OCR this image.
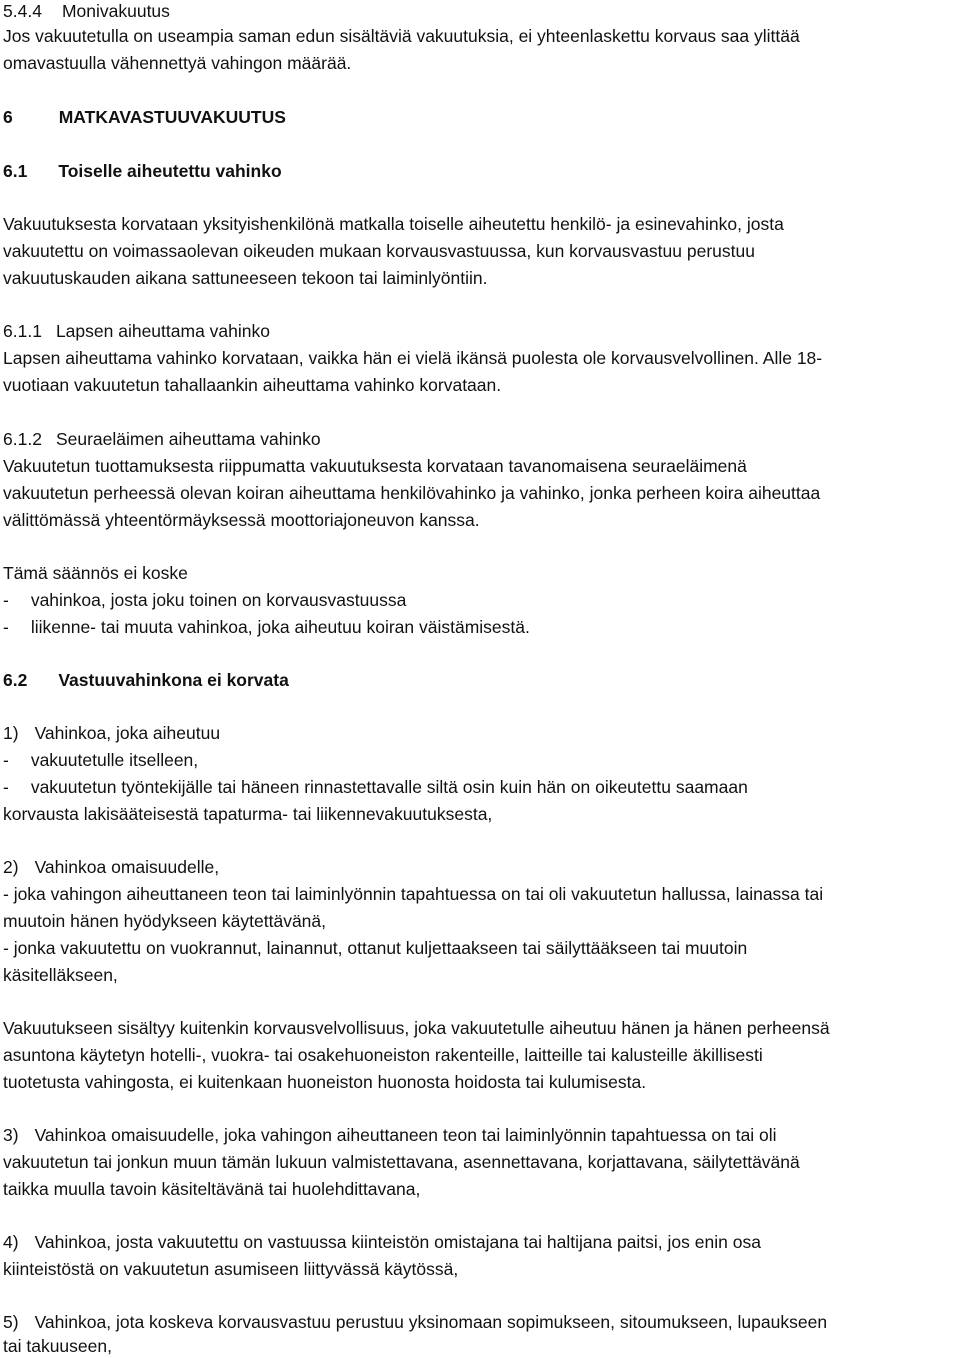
5.4.4 Monivakuutus
Jos vakuutetulla on useampia saman edun sisältäviä vakuutuksia, ei yhteenlaskettu korvaus saa ylittää
omavastuulla vähennettyä vahingon määrää.
6	MATKAVASTUUVAKUUTUS
6.1 Toiselle aiheutettu vahinko
Vakuutuksesta korvataan yksityishenkilönä matkalla toiselle aiheutettu henkilö- ja esinevahinko, josta
vakuutettu on voimassaolevan oikeuden mukaan korvausvastuussa, kun korvausvastuu perustuu
vakuutuskauden aikana sattuneeseen tekoon tai laiminlyöntiin.
6.1.1 Lapsen aiheuttama vahinko
Lapsen aiheuttama vahinko korvataan, vaikka hän ei vielä ikänsä puolesta ole korvausvelvollinen. Alle 18-
vuotiaan vakuutetun tahallaankin aiheuttama vahinko korvataan.
6.1.2 Seuraeläimen aiheuttama vahinko
Vakuutetun tuottamuksesta riippumatta vakuutuksesta korvataan tavanomaisena seuraeläimenä
vakuutetun perheessä olevan koiran aiheuttama henkilövahinko ja vahinko, jonka perheen koira aiheuttaa
välittömässä yhteentörmäyksessä moottoriajoneuvon kanssa.
Tämä säännös ei koske
- vahinkoa, josta joku toinen on korvausvastuussa
- liikenne- tai muuta vahinkoa, joka aiheutuu koiran väistämisestä.
6.2 Vastuuvahinkona ei korvata
1) Vahinkoa, joka aiheutuu
- vakuutetulle itselleen,
- vakuutetun työntekijälle tai häneen rinnastettavalle siltä osin kuin hän on oikeutettu saamaan
korvausta lakisääteisestä tapaturma- tai liikennevakuutuksesta,
2) Vahinkoa omaisuudelle,
- joka vahingon aiheuttaneen teon tai laiminlyönnin tapahtuessa on tai oli vakuutetun hallussa, lainassa tai
muutoin hänen hyödykseen käytettävänä,
- jonka vakuutettu on vuokrannut, lainannut, ottanut kuljettaakseen tai säilyttääkseen tai muutoin
käsitelläkseen,
Vakuutukseen sisältyy kuitenkin korvausvelvollisuus, joka vakuutetulle aiheutuu hänen ja hänen perheensä
asuntona käytetyn hotelli-, vuokra- tai osakehuoneiston rakenteille, laitteille tai kalusteille äkillisesti
tuotetusta vahingosta, ei kuitenkaan huoneiston huonosta hoidosta tai kulumisesta.
3) Vahinkoa omaisuudelle, joka vahingon aiheuttaneen teon tai laiminlyönnin tapahtuessa on tai oli
vakuutetun tai jonkun muun tämän lukuun valmistettavana, asennettavana, korjattavana, säilytettävänä
taikka muulla tavoin käsiteltävänä tai huolehdittavana,
4) Vahinkoa, josta vakuutettu on vastuussa kiinteistön omistajana tai haltijana paitsi, jos enin osa
kiinteistöstä on vakuutetun asumiseen liittyvässä käytössä,
5) Vahinkoa, jota koskeva korvausvastuu perustuu yksinomaan sopimukseen, sitoumukseen, lupaukseen
tai takuuseen,
